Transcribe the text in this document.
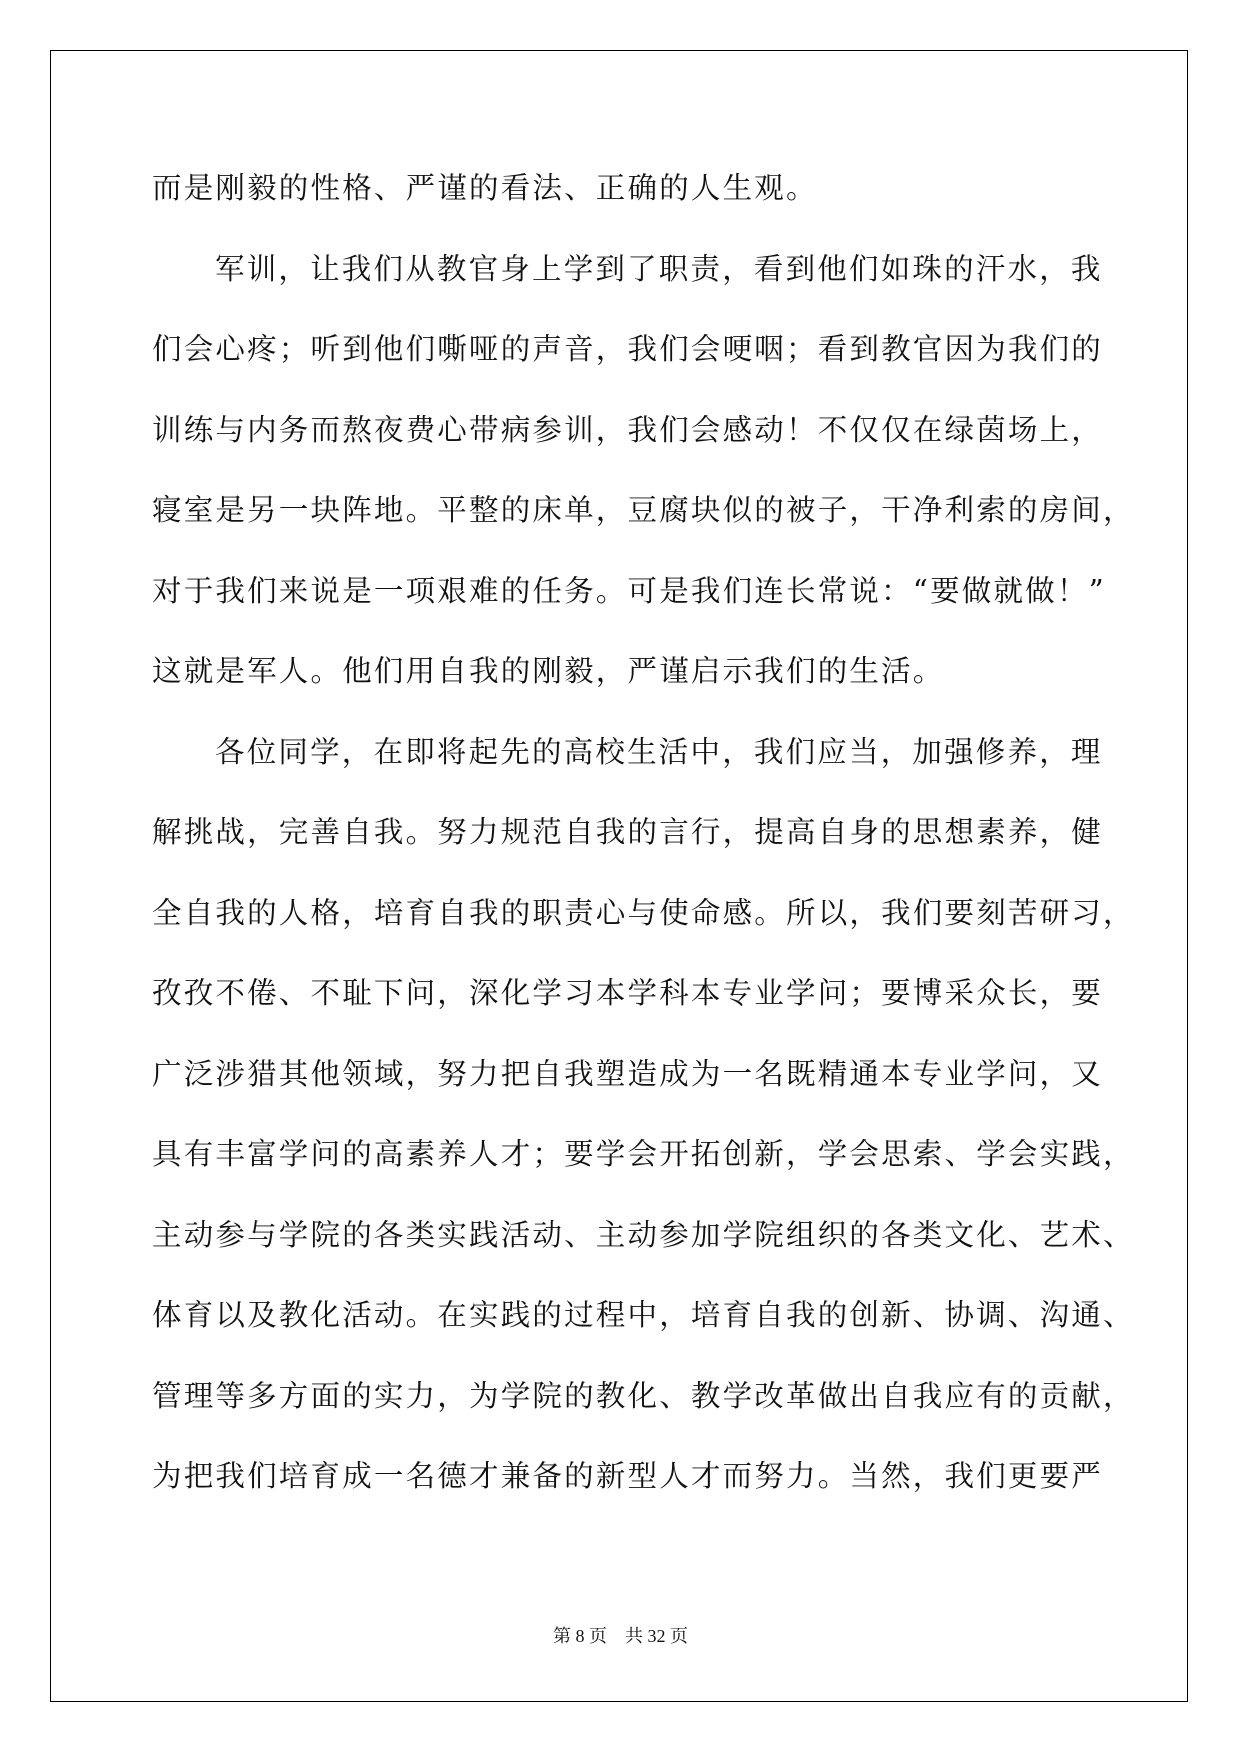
而是刚毅的性格、严谨的看法、正确的人生观。
军训，让我们从教官身上学到了职责，看到他们如珠的汗水，我
们会心疼；听到他们嘶哑的声音，我们会哽咽；看到教官因为我们的
训练与内务而熬夜费心带病参训，我们会感动！不仅仅在绿茵场上，
寝室是另一块阵地。平整的床单，豆腐块似的被子，干净利索的房间，
对于我们来说是一项艰难的任务。可是我们连长常说：“要做就做！”
这就是军人。他们用自我的刚毅，严谨启示我们的生活。
各位同学，在即将起先的高校生活中，我们应当，加强修养，理
解挑战，完善自我。努力规范自我的言行，提高自身的思想素养，健
全自我的人格，培育自我的职责心与使命感。所以，我们要刻苦研习，
孜孜不倦、不耻下问，深化学习本学科本专业学问；要博采众长，要
广泛涉猎其他领域，努力把自我塑造成为一名既精通本专业学问，又
具有丰富学问的高素养人才；要学会开拓创新，学会思索、学会实践，
主动参与学院的各类实践活动、主动参加学院组织的各类文化、艺术、
体育以及教化活动。在实践的过程中，培育自我的创新、协调、沟通、
管理等多方面的实力，为学院的教化、教学改革做出自我应有的贡献，
为把我们培育成一名德才兼备的新型人才而努力。当然，我们更要严
第 8 页　共 32 页
